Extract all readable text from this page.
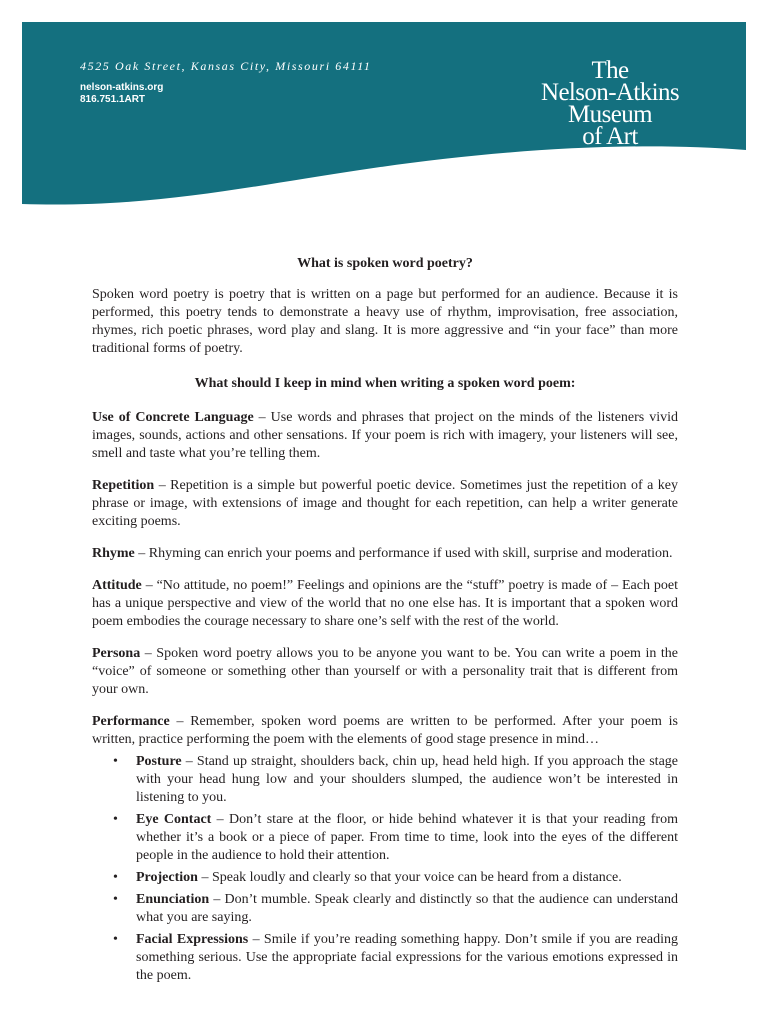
4525 Oak Street, Kansas City, Missouri 64111
nelson-atkins.org
816.751.1ART
The
Nelson-Atkins
Museum
of Art
What is spoken word poetry?

Spoken word poetry is poetry that is written on a page but performed for an audience. Because it is performed, this poetry tends to demonstrate a heavy use of rhythm, improvisation, free association, rhymes, rich poetic phrases, word play and slang. It is more aggressive and “in your face” than more traditional forms of poetry.

What should I keep in mind when writing a spoken word poem:

Use of Concrete Language – Use words and phrases that project on the minds of the listeners vivid images, sounds, actions and other sensations. If your poem is rich with imagery, your listeners will see, smell and taste what you’re telling them.

Repetition – Repetition is a simple but powerful poetic device. Sometimes just the repetition of a key phrase or image, with extensions of image and thought for each repetition, can help a writer generate exciting poems.

Rhyme – Rhyming can enrich your poems and performance if used with skill, surprise and moderation.

Attitude – “No attitude, no poem!” Feelings and opinions are the “stuff” poetry is made of – Each poet has a unique perspective and view of the world that no one else has. It is important that a spoken word poem embodies the courage necessary to share one’s self with the rest of the world.

Persona – Spoken word poetry allows you to be anyone you want to be. You can write a poem in the “voice” of someone or something other than yourself or with a personality trait that is different from your own.

Performance – Remember, spoken word poems are written to be performed. After your poem is written, practice performing the poem with the elements of good stage presence in mind…

• Posture – Stand up straight, shoulders back, chin up, head held high. If you approach the stage with your head hung low and your shoulders slumped, the audience won’t be interested in listening to you.
• Eye Contact – Don’t stare at the floor, or hide behind whatever it is that your reading from whether it’s a book or a piece of paper. From time to time, look into the eyes of the different people in the audience to hold their attention.
• Projection – Speak loudly and clearly so that your voice can be heard from a distance.
• Enunciation – Don’t mumble. Speak clearly and distinctly so that the audience can understand what you are saying.
• Facial Expressions – Smile if you’re reading something happy. Don’t smile if you are reading something serious. Use the appropriate facial expressions for the various emotions expressed in the poem.
